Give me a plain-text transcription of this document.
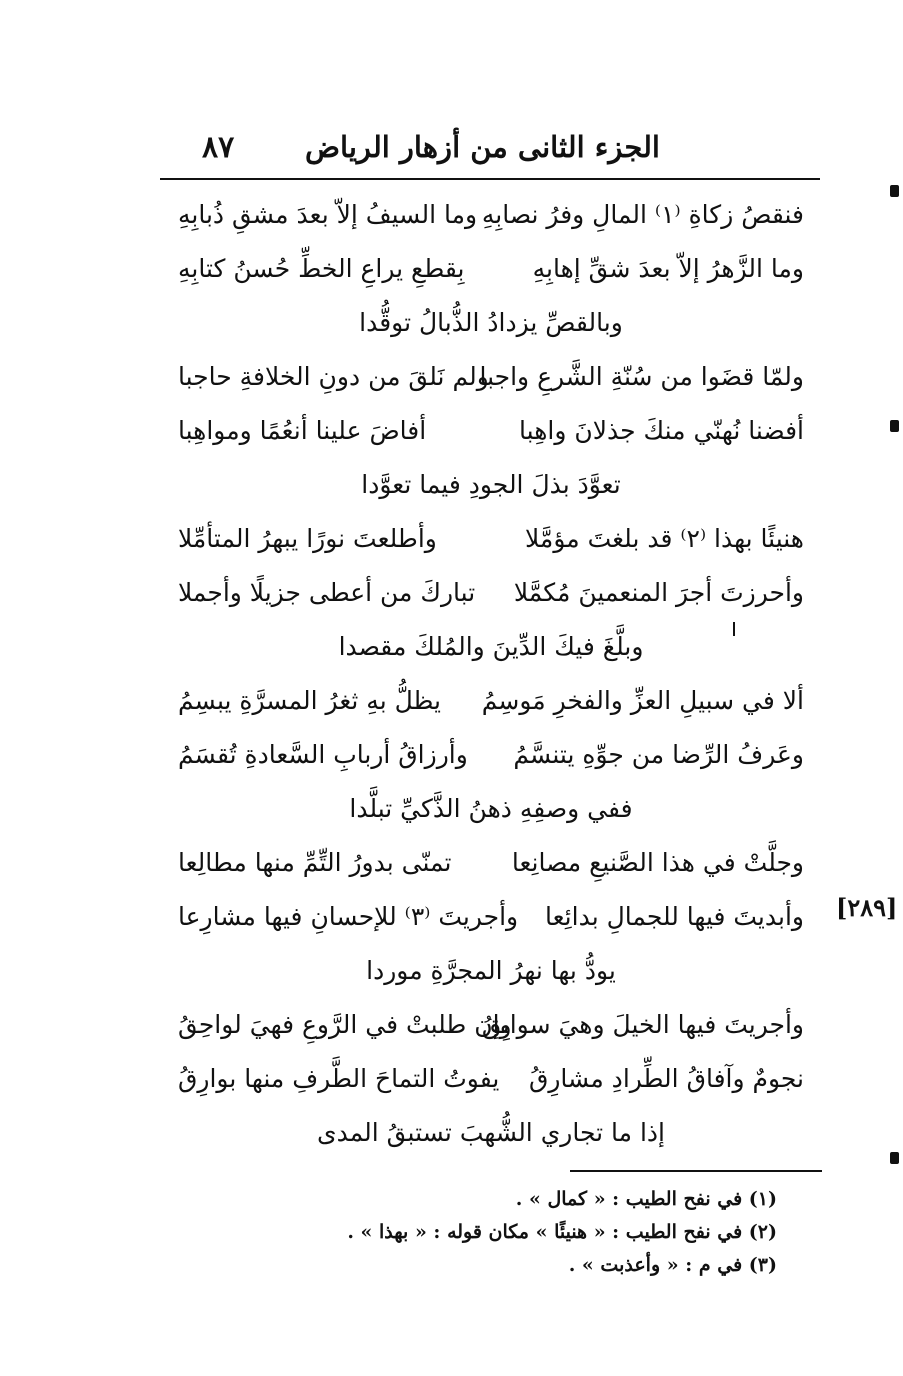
الجزء الثانى من أزهار الرياض
٨٧
فنقصُ زكاةِ ⁽١⁾ المالِ وفرُ نصابِهِ
وما السيفُ إلاّ بعدَ مشقِ ذُبابِهِ
وما الزَّهرُ إلاّ بعدَ شقِّ إهابِهِ
بِقطعِ يراعِ الخطِّ حُسنُ كتابِهِ
وبالقصِّ يزدادُ الذُّبالُ توقُّدا
ولمّا قضَوا من سُنّةِ الشَّرعِ واجبا
ولم نَلقَ من دونِ الخلافةِ حاجبا
أفضنا نُهنّي منكَ جذلانَ واهِبا
أفاضَ علينا أنعُمًا ومواهِبا
تعوَّدَ بذلَ الجودِ فيما تعوَّدا
هنيئًا بهذا ⁽٢⁾ قد بلغتَ مؤمَّلا
وأطلعتَ نورًا يبهرُ المتأمِّلا
وأحرزتَ أجرَ المنعمينَ مُكمَّلا
تباركَ من أعطى جزيلًا وأجملا
وبلَّغَ فيكَ الدِّينَ والمُلكَ مقصدا
ألا في سبيلِ العزِّ والفخرِ مَوسِمُ
يظلُّ بهِ ثغرُ المسرَّةِ يبسِمُ
وعَرفُ الرِّضا من جوِّهِ يتنسَّمُ
وأرزاقُ أربابِ السَّعادةِ تُقسَمُ
ففي وصفِهِ ذهنُ الذَّكيِّ تبلَّدا
وجلَّتْ في هذا الصَّنيعِ مصانِعا
تمنّى بدورُ التِّمِّ منها مطالِعا
وأبديتَ فيها للجمالِ بدائِعا
وأجريتَ ⁽٣⁾ للإحسانِ فيها مشارِعا
يودُّ بها نهرُ المجرَّةِ موردا
وأجريتَ فيها الخيلَ وهيَ سوابِقُ
وإن طلبتْ في الرَّوعِ فهيَ لواحِقُ
نجومٌ وآفاقُ الطِّرادِ مشارِقُ
يفوتُ التماحَ الطَّرفِ منها بوارِقُ
إذا ما تجاري الشُّهبَ تستبقُ المدى
[٢٨٩]
(١) في نفح الطيب : « كمال » .
(٢) في نفح الطيب : « هنيئًا » مكان قوله : « بهذا » .
(٣) في م : « وأعذبت » .
